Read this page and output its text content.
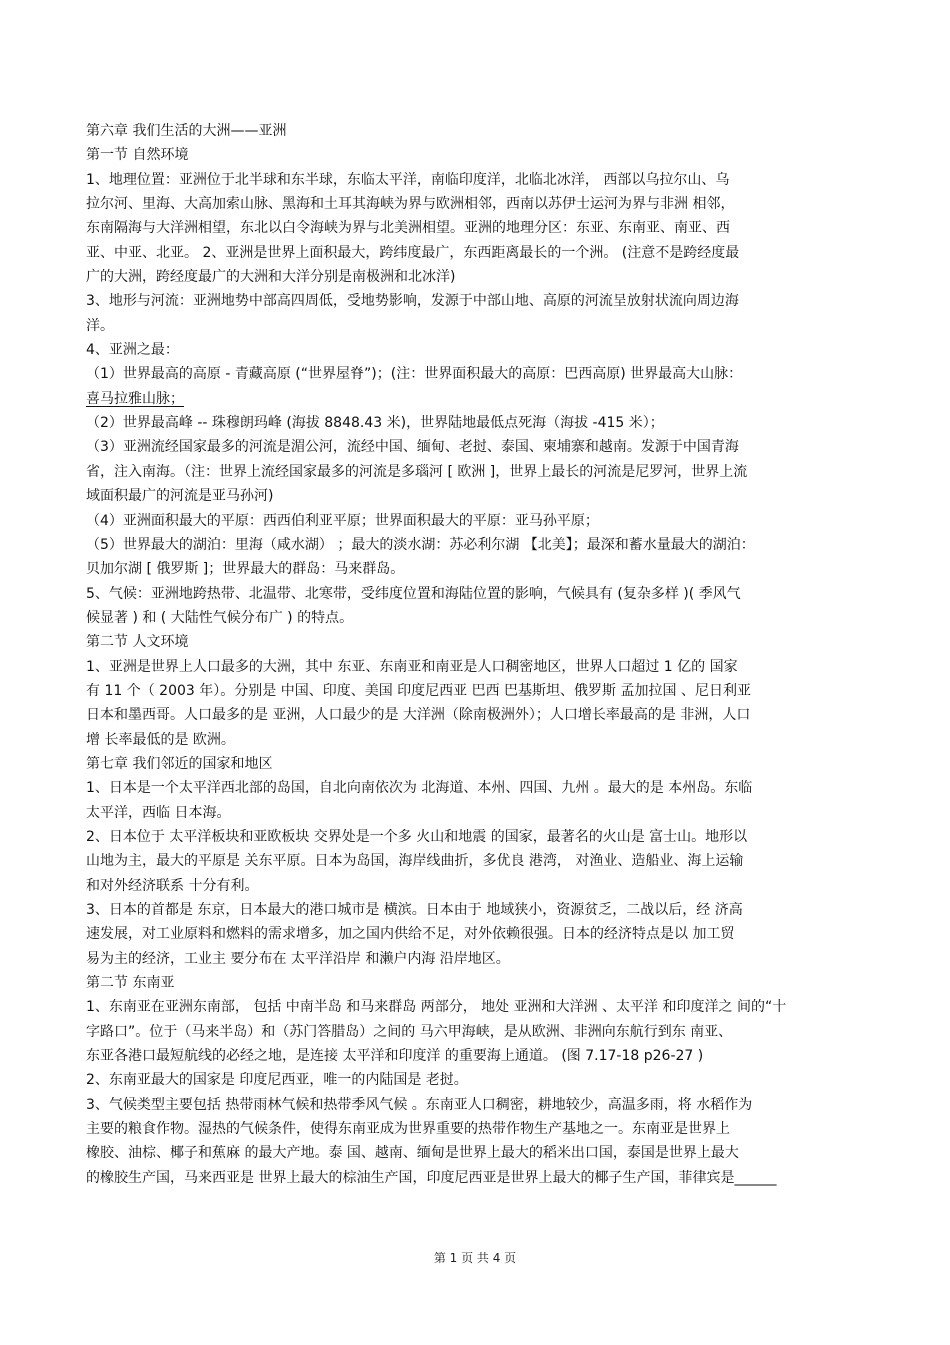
第六章 我们生活的大洲——亚洲
第一节 自然环境
1、地理位置：亚洲位于北半球和东半球，东临太平洋，南临印度洋，北临北冰洋， 西部以乌拉尔山、乌
拉尔河、里海、大高加索山脉、黑海和土耳其海峡为界与欧洲相邻，西南以苏伊士运河为界与非洲 相邻，
东南隔海与大洋洲相望，东北以白令海峡为界与北美洲相望。亚洲的地理分区：东亚、东南亚、南亚、西
亚、中亚、北亚。 2、亚洲是世界上面积最大，跨纬度最广，东西距离最长的一个洲。 (注意不是跨经度最
广的大洲，跨经度最广的大洲和大洋分别是南极洲和北冰洋)
3、地形与河流：亚洲地势中部高四周低，受地势影响，发源于中部山地、高原的河流呈放射状流向周边海
洋。
4、亚洲之最：
（1）世界最高的高原 - 青藏高原 (“世界屋脊”)；(注：世界面积最大的高原：巴西高原) 世界最高大山脉：
喜马拉雅山脉；
（2）世界最高峰 -- 珠穆朗玛峰 (海拔 8848.43 米)，世界陆地最低点死海（海拔 -415 米）；
（3）亚洲流经国家最多的河流是湄公河，流经中国、缅甸、老挝、泰国、柬埔寨和越南。发源于中国青海
省，注入南海。（注：世界上流经国家最多的河流是多瑙河 [ 欧洲 ]，世界上最长的河流是尼罗河，世界上流
域面积最广的河流是亚马孙河)
（4）亚洲面积最大的平原：西西伯利亚平原；世界面积最大的平原：亚马孙平原；
（5）世界最大的湖泊：里海（咸水湖） ；最大的淡水湖：苏必利尔湖 【北美】；最深和蓄水量最大的湖泊：
贝加尔湖 [ 俄罗斯 ]；世界最大的群岛：马来群岛。
5、气候：亚洲地跨热带、北温带、北寒带，受纬度位置和海陆位置的影响，气候具有 (复杂多样 )( 季风气
候显著 ) 和 ( 大陆性气候分布广 ) 的特点。
第二节 人文环境
1、亚洲是世界上人口最多的大洲，其中 东亚、东南亚和南亚是人口稠密地区，世界人口超过 1 亿的 国家
有 11 个（ 2003 年）。分别是 中国、印度、美国 印度尼西亚 巴西 巴基斯坦、俄罗斯 孟加拉国 、尼日利亚
日本和墨西哥。人口最多的是 亚洲，人口最少的是 大洋洲（除南极洲外）；人口增长率最高的是 非洲，人口
增 长率最低的是 欧洲。
第七章 我们邻近的国家和地区
1、日本是一个太平洋西北部的岛国，自北向南依次为 北海道、本州、四国、九州 。最大的是 本州岛。东临
太平洋，西临 日本海。
2、日本位于 太平洋板块和亚欧板块 交界处是一个多 火山和地震 的国家，最著名的火山是 富士山。地形以
山地为主，最大的平原是 关东平原。日本为岛国，海岸线曲折，多优良 港湾， 对渔业、造船业、海上运输
和对外经济联系 十分有利。
3、日本的首都是 东京，日本最大的港口城市是 横滨。日本由于 地域狭小，资源贫乏，二战以后，经 济高
速发展，对工业原料和燃料的需求增多，加之国内供给不足，对外依赖很强。日本的经济特点是以 加工贸
易为主的经济，工业主 要分布在 太平洋沿岸 和濑户内海 沿岸地区。
第二节 东南亚
1、东南亚在亚洲东南部， 包括 中南半岛 和马来群岛 两部分， 地处 亚洲和大洋洲 、太平洋 和印度洋之 间的“十
字路口”。位于（马来半岛）和（苏门答腊岛）之间的 马六甲海峡，是从欧洲、非洲向东航行到东 南亚、
东亚各港口最短航线的必经之地，是连接 太平洋和印度洋 的重要海上通道。 (图 7.17-18 p26-27 )
2、东南亚最大的国家是 印度尼西亚，唯一的内陆国是 老挝。
3、气候类型主要包括 热带雨林气候和热带季风气候 。东南亚人口稠密，耕地较少，高温多雨，将 水稻作为
主要的粮食作物。湿热的气候条件，使得东南亚成为世界重要的热带作物生产基地之一。东南亚是世界上
橡胶、油棕、椰子和蕉麻 的最大产地。泰 国、越南、缅甸是世界上最大的稻米出口国，泰国是世界上最大
的橡胶生产国，马来西亚是 世界上最大的棕油生产国，印度尼西亚是世界上最大的椰子生产国，菲律宾是______
第 1 页 共 4 页
